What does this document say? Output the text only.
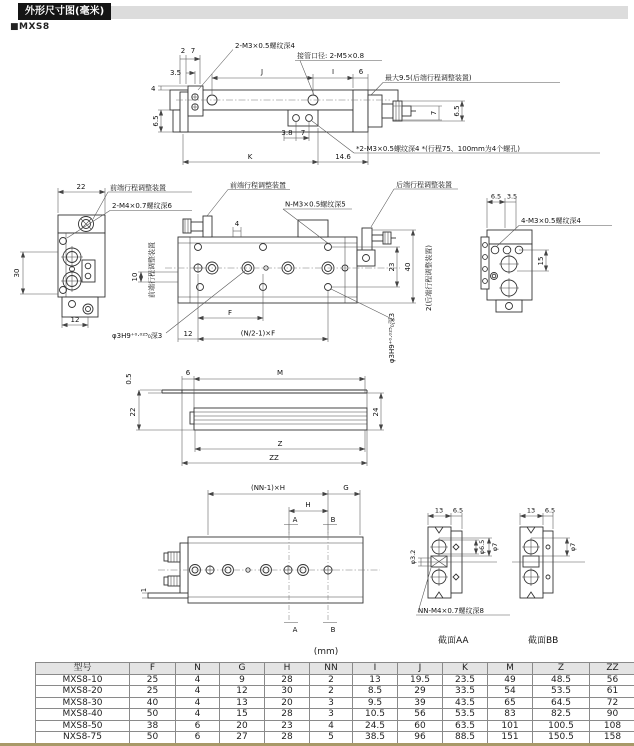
外形尺寸图(毫米)
■MXS8
2 7
3.5	J	I	6
最大9.5(后端行程调整装置)
4
6.5
3.8 7
K	14.6
*2-M3×0.5螺纹深4 *(行程75、100mm为4个螺孔)
6.5
7
2-M3×0.5螺纹深4
接管口径: 2-M5×0.8
22	前端行程调整装置
2-M4×0.7螺纹深6
30
12
前端行程调整装置
N-M3×0.5螺纹深5
后端行程调整装置
4
10 前端行程调整装置	23 40 2(后端行程调整装置)
F
12	(N/2-1)×F
φ3H9⁺⁰·⁰²⁵₀深3	φ3H9⁺⁰·⁰²⁵₀深3
6.5 3.5
4-M3×0.5螺纹深4
15
0.5
22
6	M
24
Z
ZZ
(NN-1)×H	G
H
A	B
A	B
1
13 6.5
φ3.2
φ6.5 φ7
NN-M4×0.7螺纹深8
截面AA
13 6.5
φ7
截面BB
(mm)
型号	F	N	G	H	NN	I	J	K	M	Z	ZZ
MXS8-10	25	4	9	28	2	13	19.5	23.5	49	48.5	56
MXS8-20	25	4	12	30	2	8.5	29	33.5	54	53.5	61
MXS8-30	40	4	13	20	3	9.5	39	43.5	65	64.5	72
MXS8-40	50	4	15	28	3	10.5	56	53.5	83	82.5	90
MXS8-50	38	6	20	23	4	24.5	60	63.5	101	100.5	108
NXS8-75	50	6	27	28	5	38.5	96	88.5	151	150.5	158
